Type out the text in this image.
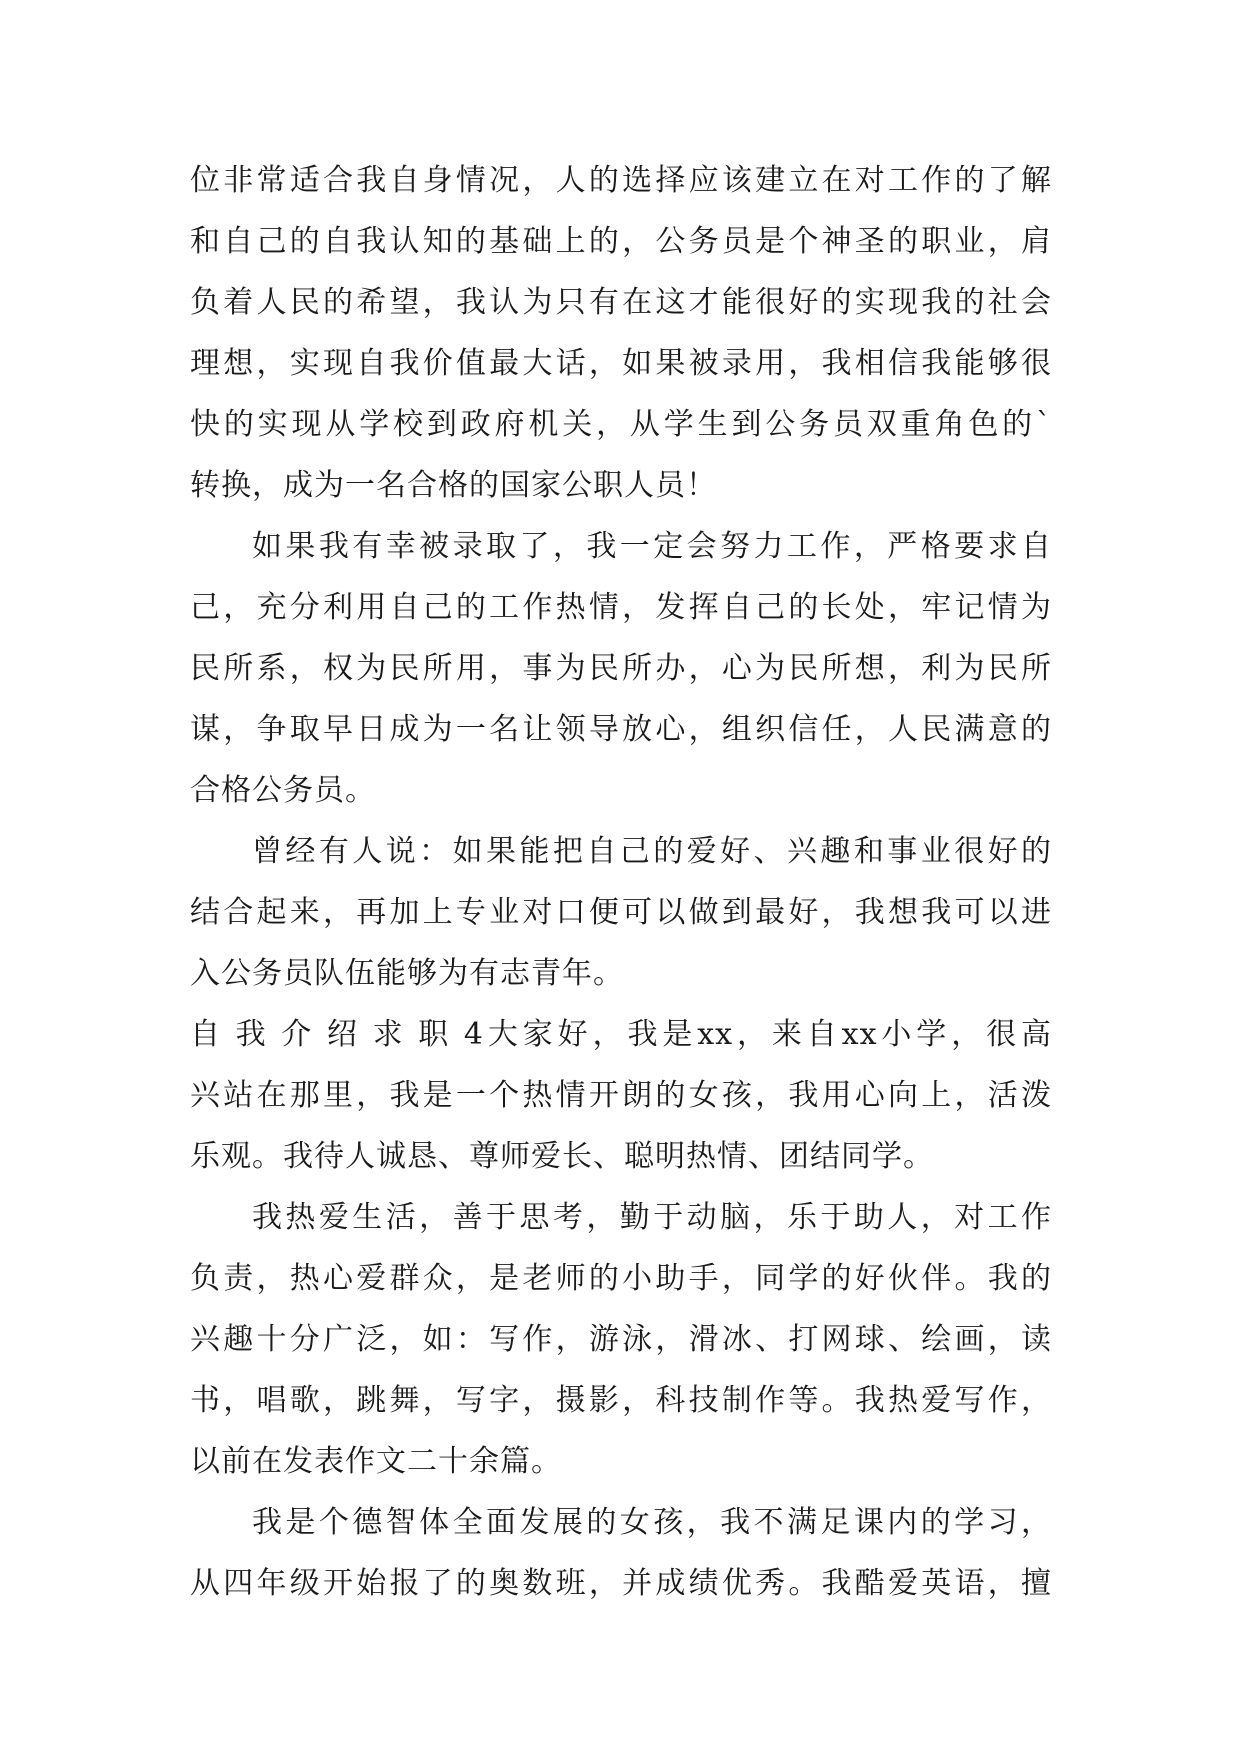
位非常适合我自身情况，人的选择应该建立在对工作的了解
和自己的自我认知的基础上的，公务员是个神圣的职业，肩
负着人民的希望，我认为只有在这才能很好的实现我的社会
理想，实现自我价值最大话，如果被录用，我相信我能够很
快的实现从学校到政府机关，从学生到公务员双重角色的`
转换，成为一名合格的国家公职人员！
如果我有幸被录取了，我一定会努力工作，严格要求自
己，充分利用自己的工作热情，发挥自己的长处，牢记情为
民所系，权为民所用，事为民所办，心为民所想，利为民所
谋，争取早日成为一名让领导放心，组织信任，人民满意的
合格公务员。
曾经有人说：如果能把自己的爱好、兴趣和事业很好的
结合起来，再加上专业对口便可以做到最好，我想我可以进
入公务员队伍能够为有志青年。
自我介绍求职4大家好，我是xx，来自xx小学，很高
兴站在那里，我是一个热情开朗的女孩，我用心向上，活泼
乐观。我待人诚恳、尊师爱长、聪明热情、团结同学。
我热爱生活，善于思考，勤于动脑，乐于助人，对工作
负责，热心爱群众，是老师的小助手，同学的好伙伴。我的
兴趣十分广泛，如：写作，游泳，滑冰、打网球、绘画，读
书，唱歌，跳舞，写字，摄影，科技制作等。我热爱写作，
以前在发表作文二十余篇。
我是个德智体全面发展的女孩，我不满足课内的学习，
从四年级开始报了的奥数班，并成绩优秀。我酷爱英语，擅
